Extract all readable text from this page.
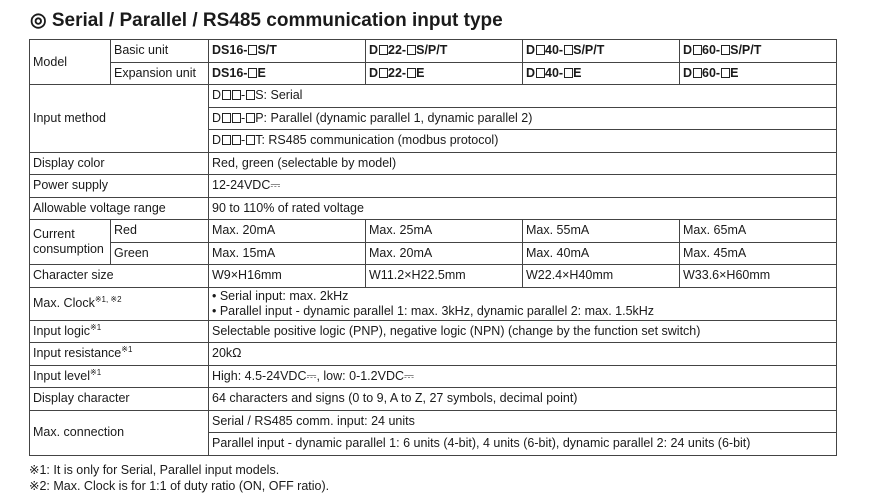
◎ Serial / Parallel / RS485 communication input type
Model	Basic unit	DS16- S/T	D 22- S/P/T	D 40- S/P/T	D 60- S/P/T
	Expansion unit	DS16- E	D 22- E	D 40- E	D 60- E
Input method		D - S: Serial			
		D - P: Parallel (dynamic parallel 1, dynamic parallel 2)			
		D - T: RS485 communication (modbus protocol)			
Display color		Red, green (selectable by model)			
Power supply		12-24VDC⎓			
Allowable voltage range		90 to 110% of rated voltage			
Current consumption	Red	Max. 20mA	Max. 25mA	Max. 55mA	Max. 65mA
	Green	Max. 15mA	Max. 20mA	Max. 40mA	Max. 45mA
Character size		W9×H16mm	W11.2×H22.5mm	W22.4×H40mm	W33.6×H60mm
Max. Clock$^{※1, ※2}$		• Serial input: max. 2kHz
• Parallel input - dynamic parallel 1: max. 3kHz, dynamic parallel 2: max. 1.5kHz			

Input logic$^{※1}$		Selectable positive logic (PNP), negative logic (NPN) (change by the function set switch)			
Input resistance$^{※1}$		20kΩ			
Input level$^{※1}$		High: 4.5-24VDC⎓, low: 0-1.2VDC⎓			
Display character		64 characters and signs (0 to 9, A to Z, 27 symbols, decimal point)			
Max. connection		Serial / RS485 comm. input: 24 units			
		Parallel input - dynamic parallel 1: 6 units (4-bit), 4 units (6-bit), dynamic parallel 2: 24 units (6-bit)			
※1: It is only for Serial, Parallel input models.
※2: Max. Clock is for 1:1 of duty ratio (ON, OFF ratio).
